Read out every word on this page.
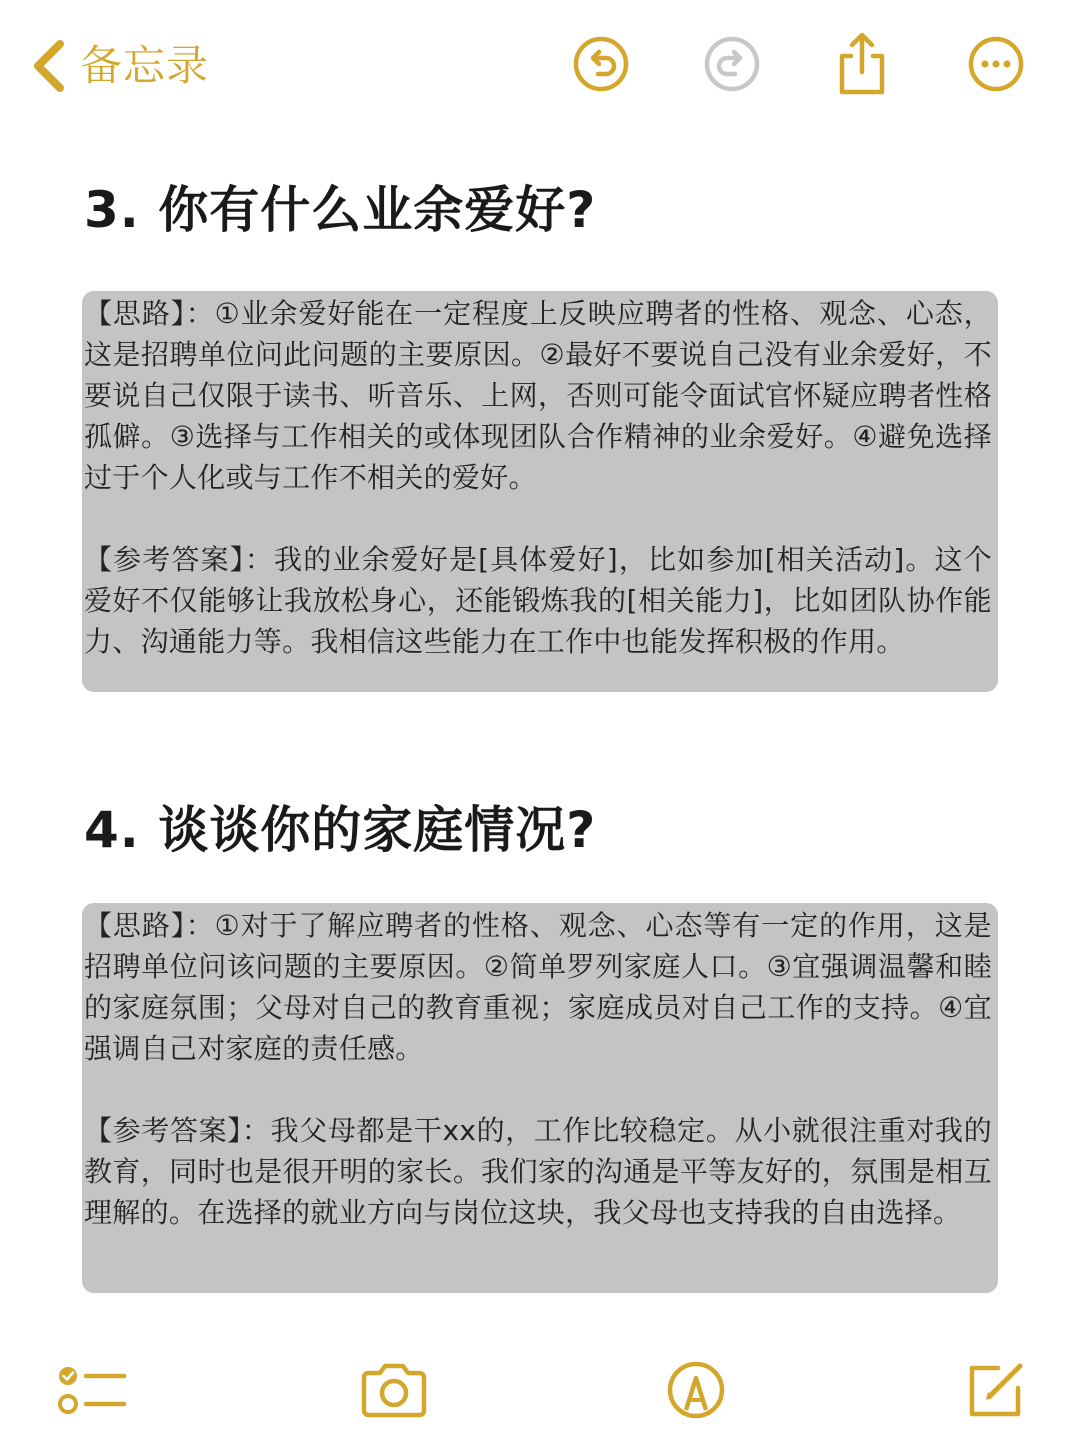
备忘录
3. 你有什么业余爱好?

【思路】：①业余爱好能在一定程度上反映应聘者的性格、观念、心态，这是招聘单位问此问题的主要原因。②最好不要说自己没有业余爱好，不要说自己仅限于读书、听音乐、上网，否则可能令面试官怀疑应聘者性格孤僻。③选择与工作相关的或体现团队合作精神的业余爱好。④避免选择过于个人化或与工作不相关的爱好。

【参考答案】：我的业余爱好是[具体爱好]，比如参加[相关活动]。这个爱好不仅能够让我放松身心，还能锻炼我的[相关能力]，比如团队协作能力、沟通能力等。我相信这些能力在工作中也能发挥积极的作用。

4. 谈谈你的家庭情况?

【思路】：①对于了解应聘者的性格、观念、心态等有一定的作用，这是招聘单位问该问题的主要原因。②简单罗列家庭人口。③宜强调温馨和睦的家庭氛围；父母对自己的教育重视；家庭成员对自己工作的支持。④宜强调自己对家庭的责任感。

【参考答案】：我父母都是干xx的，工作比较稳定。从小就很注重对我的教育，同时也是很开明的家长。我们家的沟通是平等友好的，氛围是相互理解的。在选择的就业方向与岗位这块，我父母也支持我的自由选择。
